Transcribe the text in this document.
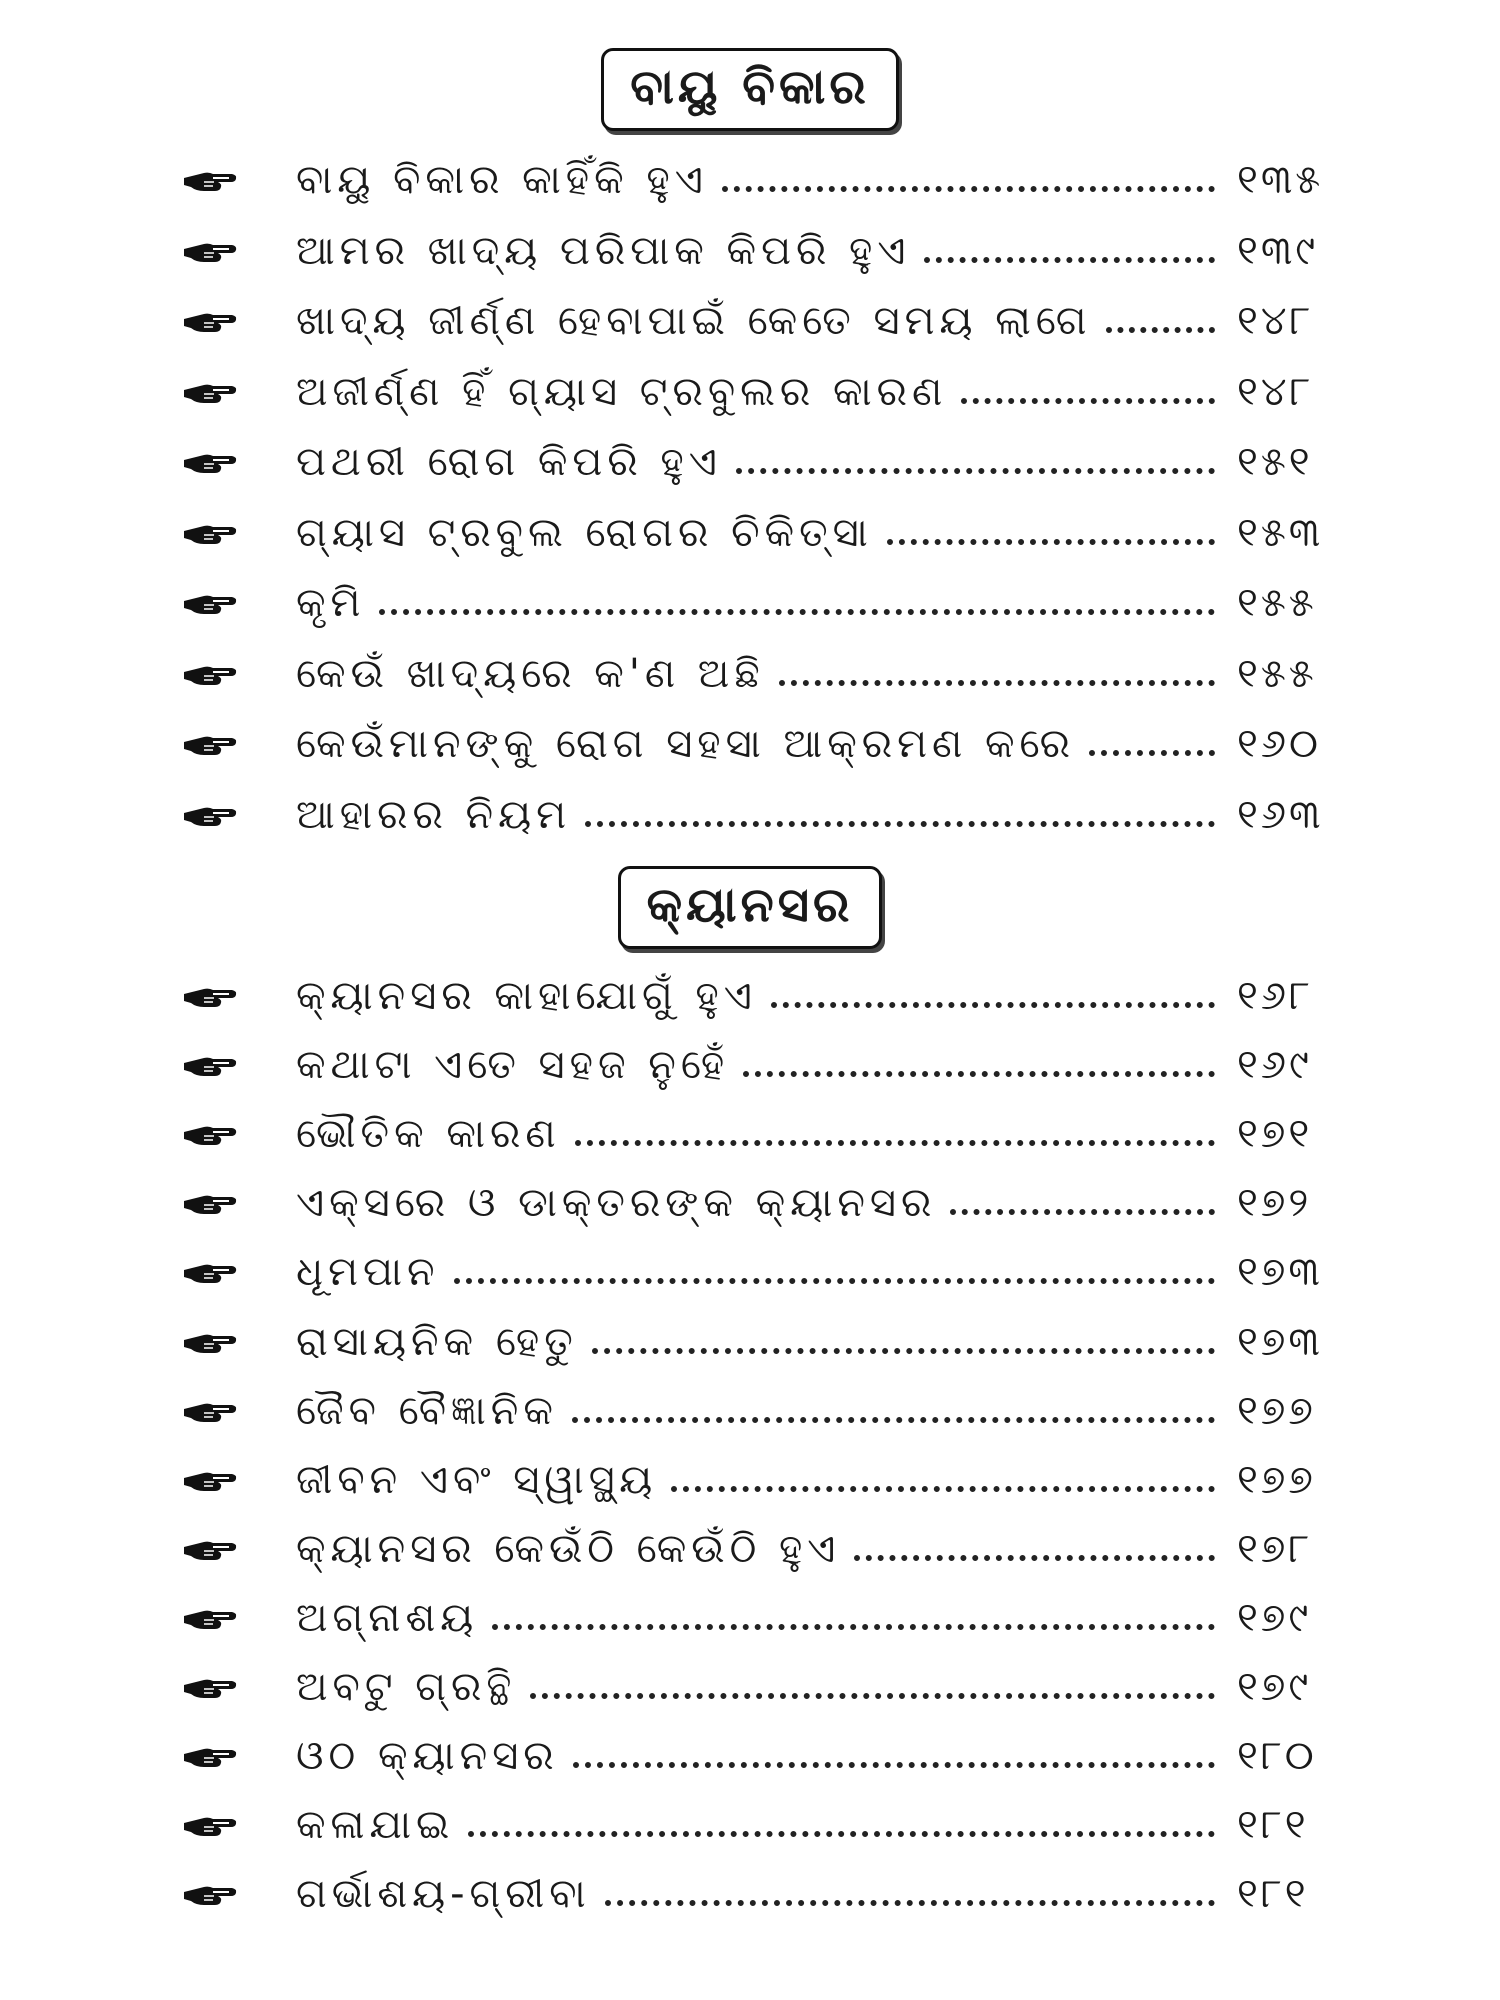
ବାୟୁ ବିକାର
ବାୟୁ ବିକାର କାହିଁକି ହୁଏ	୧୩୫
ଆମର ଖାଦ୍ୟ ପରିପାକ କିପରି ହୁଏ	୧୩୯
ଖାଦ୍ୟ ଜୀର୍ଣ୍ଣ ହେବାପାଇଁ କେତେ ସମୟ ଲାଗେ	୧୪୮
ଅଜୀର୍ଣ୍ଣ ହିଁ ଗ୍ୟାସ ଟ୍ରବୁଲର କାରଣ	୧୪୮
ପଥରୀ ରୋଗ କିପରି ହୁଏ	୧୫୧
ଗ୍ୟାସ ଟ୍ରବୁଲ ରୋଗର ଚିକିତ୍ସା	୧୫୩
କୃମି	୧୫୫
କେଉଁ ଖାଦ୍ୟରେ କ'ଣ ଅଛି	୧୫୫
କେଉଁମାନଙ୍କୁ ରୋଗ ସହସା ଆକ୍ରମଣ କରେ	୧୬୦
ଆହାରର ନିୟମ	୧୬୩
କ୍ୟାନସର
କ୍ୟାନସର କାହାଯୋଗୁଁ ହୁଏ	୧୬୮
କଥାଟା ଏତେ ସହଜ ନୁହେଁ	୧୬୯
ଭୌତିକ କାରଣ	୧୭୧
ଏକ୍ସରେ ଓ ଡାକ୍ତରଙ୍କ କ୍ୟାନସର	୧୭୨
ଧୂମପାନ	୧୭୩
ରାସାୟନିକ ହେତୁ	୧୭୩
ଜୈବ ବୈଜ୍ଞାନିକ	୧୭୭
ଜୀବନ ଏବଂ ସ୍ୱାସ୍ଥ୍ୟ	୧୭୭
କ୍ୟାନସର କେଉଁଠି କେଉଁଠି ହୁଏ	୧୭୮
ଅଗ୍ନାଶୟ	୧୭୯
ଅବଟୁ ଗ୍ରନ୍ଥି	୧୭୯
ଓଠ କ୍ୟାନସର	୧୮୦
କଳାଯାଇ	୧୮୧
ଗର୍ଭାଶୟ-ଗ୍ରୀବା	୧୮୧
